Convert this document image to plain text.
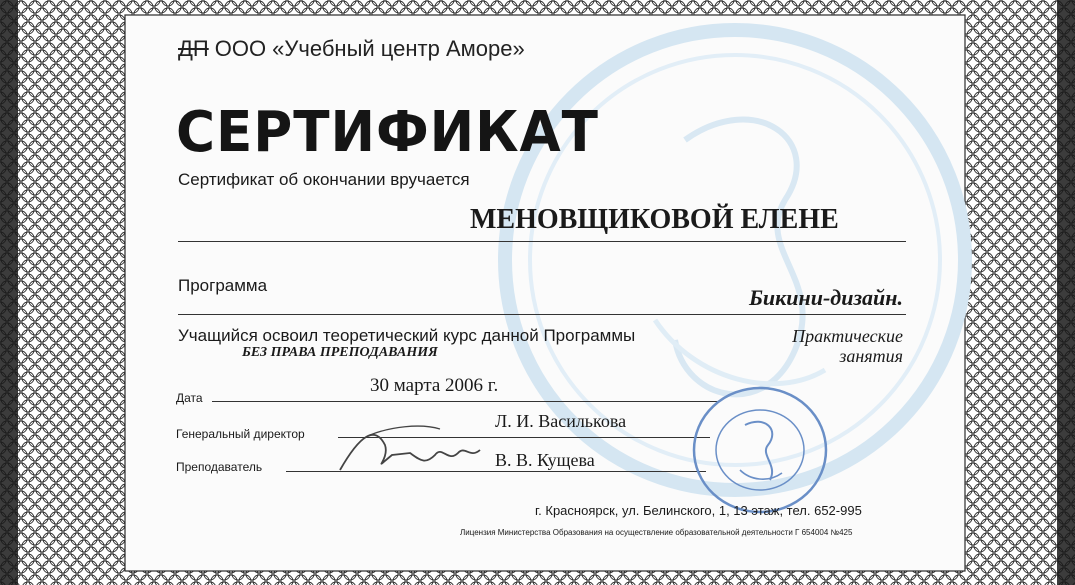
ДП ООО «Учебный центр Аморе»
СЕРТИФИКАТ
Сертификат об окончании вручается
МЕНОВЩИКОВОЙ ЕЛЕНЕ
Программа	Бикини-дизайн.
Учащийся освоил теоретический курс данной Программы
БЕЗ ПРАВА ПРЕПОДАВАНИЯ
Практические
занятия
Дата
30 марта 2006 г.
Генеральный директор
Л. И. Василькова
Преподаватель	В. В. Кущева
г. Красноярск, ул. Белинского, 1, 13 этаж, тел. 652-995
Лицензия Министерства Образования на осуществление образовательной деятельности Г 654004 №425
